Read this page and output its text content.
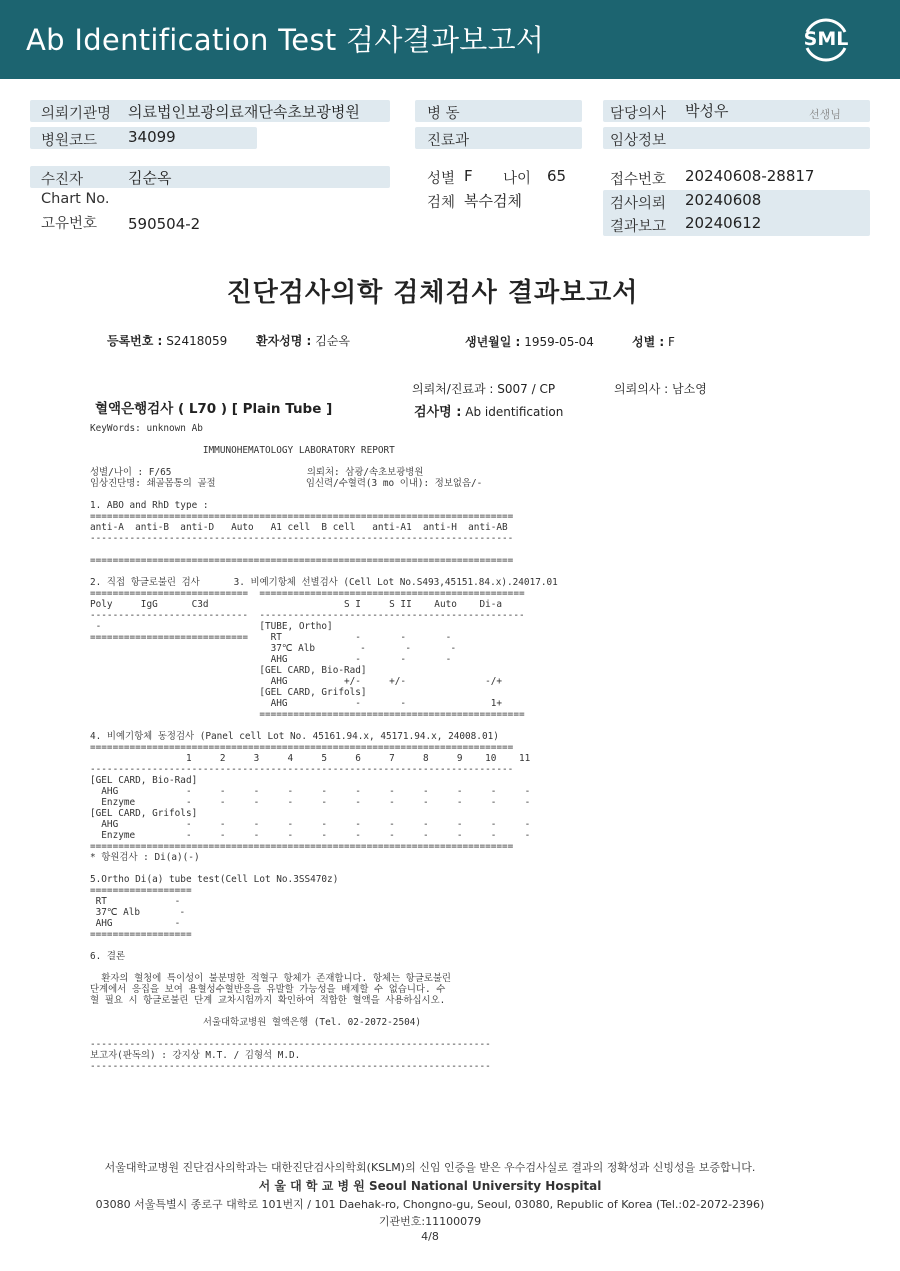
Ab Identification Test 검사결과보고서	SML
의뢰기관명 의료법인보광의료재단속초보광병원
병원코드 34099
병 동
진료과
담당의사 박성우	선생님
임상정보
수진자	김순옥
Chart No.
고유번호 590504-2
성별 F 나이 65
검체 복수검체
접수번호 20240608-28817
검사의뢰 20240608
결과보고 20240612
진단검사의학 검체검사 결과보고서
등록번호 : S2418059 환자성명 : 김순옥	생년월일 : 1959-05-04	성별 : F
의뢰처/진료과 : S007 / CP	의뢰의사 : 남소영
혈액은행검사 ( L70 ) [ Plain Tube ]	검사명 : Ab identification
KeyWords: unknown Ab

IMMUNOHEMATOLOGY LABORATORY REPORT

성별/나이 : F/65                        의뢰처: 삼광/속초보광병원
임상진단명: 쇄골몸통의 골절                임신력/수혈력(3 mo 이내): 정보없음/-

1. ABO and RhD type :
===========================================================================
anti-A  anti-B  anti-D   Auto   A1 cell  B cell   anti-A1  anti-H  anti-AB
---------------------------------------------------------------------------

===========================================================================

2. 직접 항글로불린 검사      3. 비예기항체 선별검사 (Cell Lot No.S493,45151.84.x).24017.01
============================  ===============================================
Poly     IgG      C3d                        S I     S II    Auto    Di-a
----------------------------  -----------------------------------------------
-                            [TUBE, Ortho]
============================    RT             -       -       -
37℃ Alb        -       -       -
AHG            -       -       -
[GEL CARD, Bio-Rad]
AHG          +/-     +/-              -/+
[GEL CARD, Grifols]
AHG            -       -               1+
===============================================

4. 비예기항체 동정검사 (Panel cell Lot No. 45161.94.x, 45171.94.x, 24008.01)
===========================================================================
1     2     3     4     5     6     7     8     9    10    11
---------------------------------------------------------------------------
[GEL CARD, Bio-Rad]
AHG            -     -     -     -     -     -     -     -     -     -     -
Enzyme         -     -     -     -     -     -     -     -     -     -     -
[GEL CARD, Grifols]
AHG            -     -     -     -     -     -     -     -     -     -     -
Enzyme         -     -     -     -     -     -     -     -     -     -     -
===========================================================================
* 항원검사 : Di(a)(-)

5.Ortho Di(a) tube test(Cell Lot No.3SS470z)
==================
RT            -
37℃ Alb       -
AHG           -
==================

6. 결론

환자의 혈청에 특이성이 불분명한 적혈구 항체가 존재합니다. 항체는 항글로불린
단계에서 응집을 보여 용혈성수혈반응을 유발할 가능성을 배제할 수 없습니다. 수
혈 필요 시 항글로불린 단계 교차시험까지 확인하여 적합한 혈액을 사용하십시오.

서울대학교병원 혈액은행 (Tel. 02-2072-2504)

-----------------------------------------------------------------------
보고자(판독의) : 강지상 M.T. / 김형석 M.D.
-----------------------------------------------------------------------
서울대학교병원 진단검사의학과는 대한진단검사의학회(KSLM)의 신임 인증을 받은 우수검사실로 결과의 정확성과 신빙성을 보증합니다.
서 울 대 학 교 병 원 Seoul National University Hospital
03080 서울특별시 종로구 대학로 101번지 / 101 Daehak-ro, Chongno-gu, Seoul, 03080, Republic of Korea (Tel.:02-2072-2396)
기관번호:11100079
4/8
